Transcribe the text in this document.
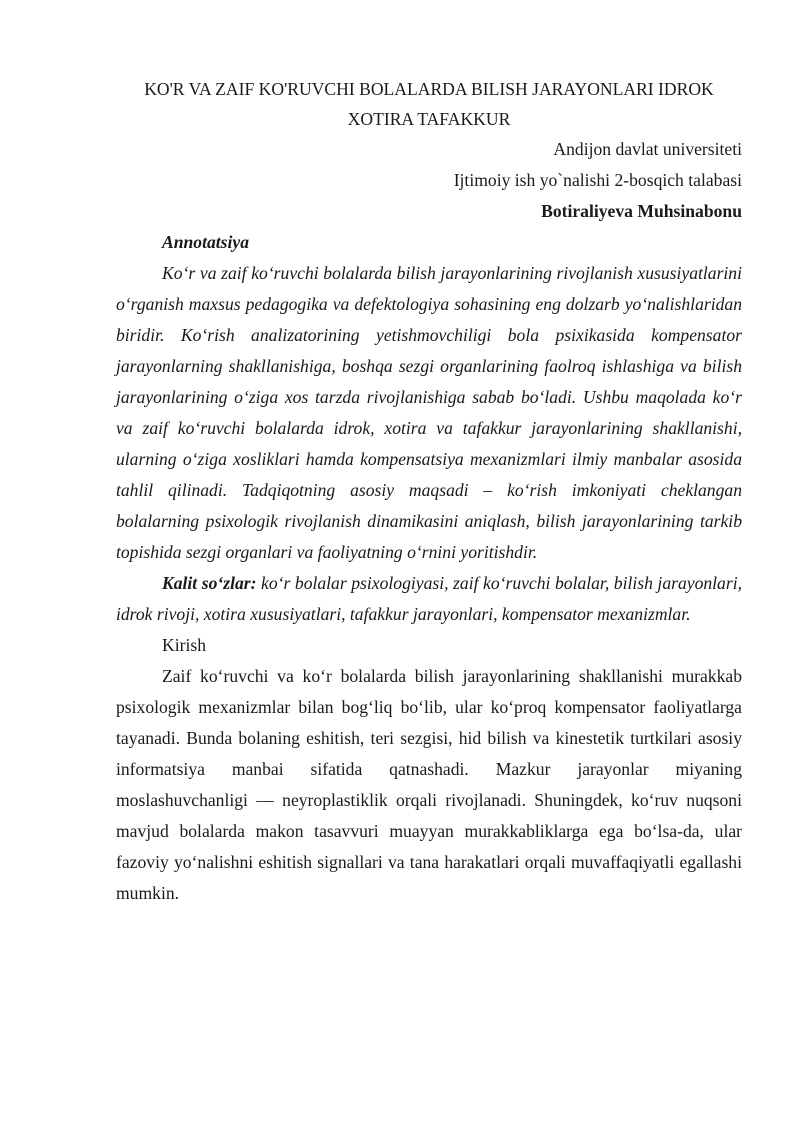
KO'R VA ZAIF KO'RUVCHI BOLALARDA BILISH JARAYONLARI IDROK XOTIRA TAFAKKUR

Andijon davlat universiteti

Ijtimoiy ish yo`nalishi 2-bosqich talabasi

Botiraliyeva Muhsinabonu

Annotatsiya

Ko‘r va zaif ko‘ruvchi bolalarda bilish jarayonlarining rivojlanish xususiyatlarini o‘rganish maxsus pedagogika va defektologiya sohasining eng dolzarb yo‘nalishlaridan biridir. Ko‘rish analizatorining yetishmovchiligi bola psixikasida kompensator jarayonlarning shakllanishiga, boshqa sezgi organlarining faolroq ishlashiga va bilish jarayonlarining o‘ziga xos tarzda rivojlanishiga sabab bo‘ladi. Ushbu maqolada ko‘r va zaif ko‘ruvchi bolalarda idrok, xotira va tafakkur jarayonlarining shakllanishi, ularning o‘ziga xosliklari hamda kompensatsiya mexanizmlari ilmiy manbalar asosida tahlil qilinadi. Tadqiqotning asosiy maqsadi – ko‘rish imkoniyati cheklangan bolalarning psixologik rivojlanish dinamikasini aniqlash, bilish jarayonlarining tarkib topishida sezgi organlari va faoliyatning o‘rnini yoritishdir.

Kalit so‘zlar: ko‘r bolalar psixologiyasi, zaif ko‘ruvchi bolalar, bilish jarayonlari, idrok rivoji, xotira xususiyatlari, tafakkur jarayonlari, kompensator mexanizmlar.

Kirish

Zaif ko‘ruvchi va ko‘r bolalarda bilish jarayonlarining shakllanishi murakkab psixologik mexanizmlar bilan bog‘liq bo‘lib, ular ko‘proq kompensator faoliyatlarga tayanadi. Bunda bolaning eshitish, teri sezgisi, hid bilish va kinestetik turtkilari asosiy informatsiya manbai sifatida qatnashadi. Mazkur jarayonlar miyaning moslashuvchanligi — neyroplastiklik orqali rivojlanadi. Shuningdek, ko‘ruv nuqsoni mavjud bolalarda makon tasavvuri muayyan murakkabliklarga ega bo‘lsa-da, ular fazoviy yo‘nalishni eshitish signallari va tana harakatlari orqali muvaffaqiyatli egallashi mumkin.
